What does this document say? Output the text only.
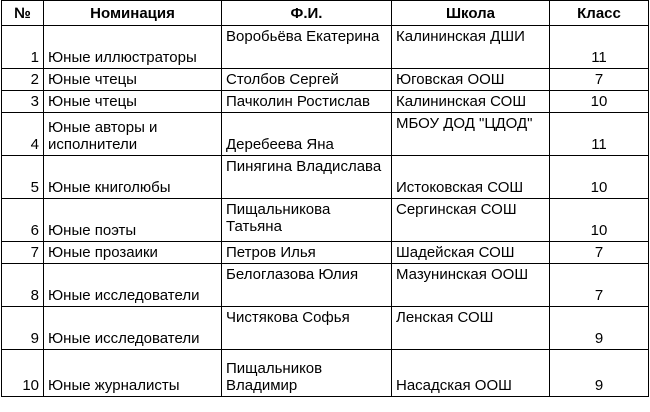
№	Номинация	Ф.И.	Школа	Класс
1	Юные иллюстраторы	Воробьёва Екатерина	Калининская ДШИ	11
2	Юные чтецы	Столбов Сергей	Юговская ООШ	7
3	Юные чтецы	Пачколин Ростислав	Калининская СОШ	10
4	Юные авторы и исполнители	Деребеева Яна	МБОУ ДОД "ЦДОД"	11
5	Юные книголюбы	Пинягина Владислава	Истоковская СОШ	10
6	Юные поэты	Пищальникова Татьяна	Сергинская СОШ	10
7	Юные прозаики	Петров Илья	Шадейская СОШ	7
8	Юные исследователи	Белоглазова Юлия	Мазунинская ООШ	7
9	Юные исследователи	Чистякова Софья	Ленская СОШ	9
10	Юные журналисты	Пищальников Владимир	Насадская ООШ	9
